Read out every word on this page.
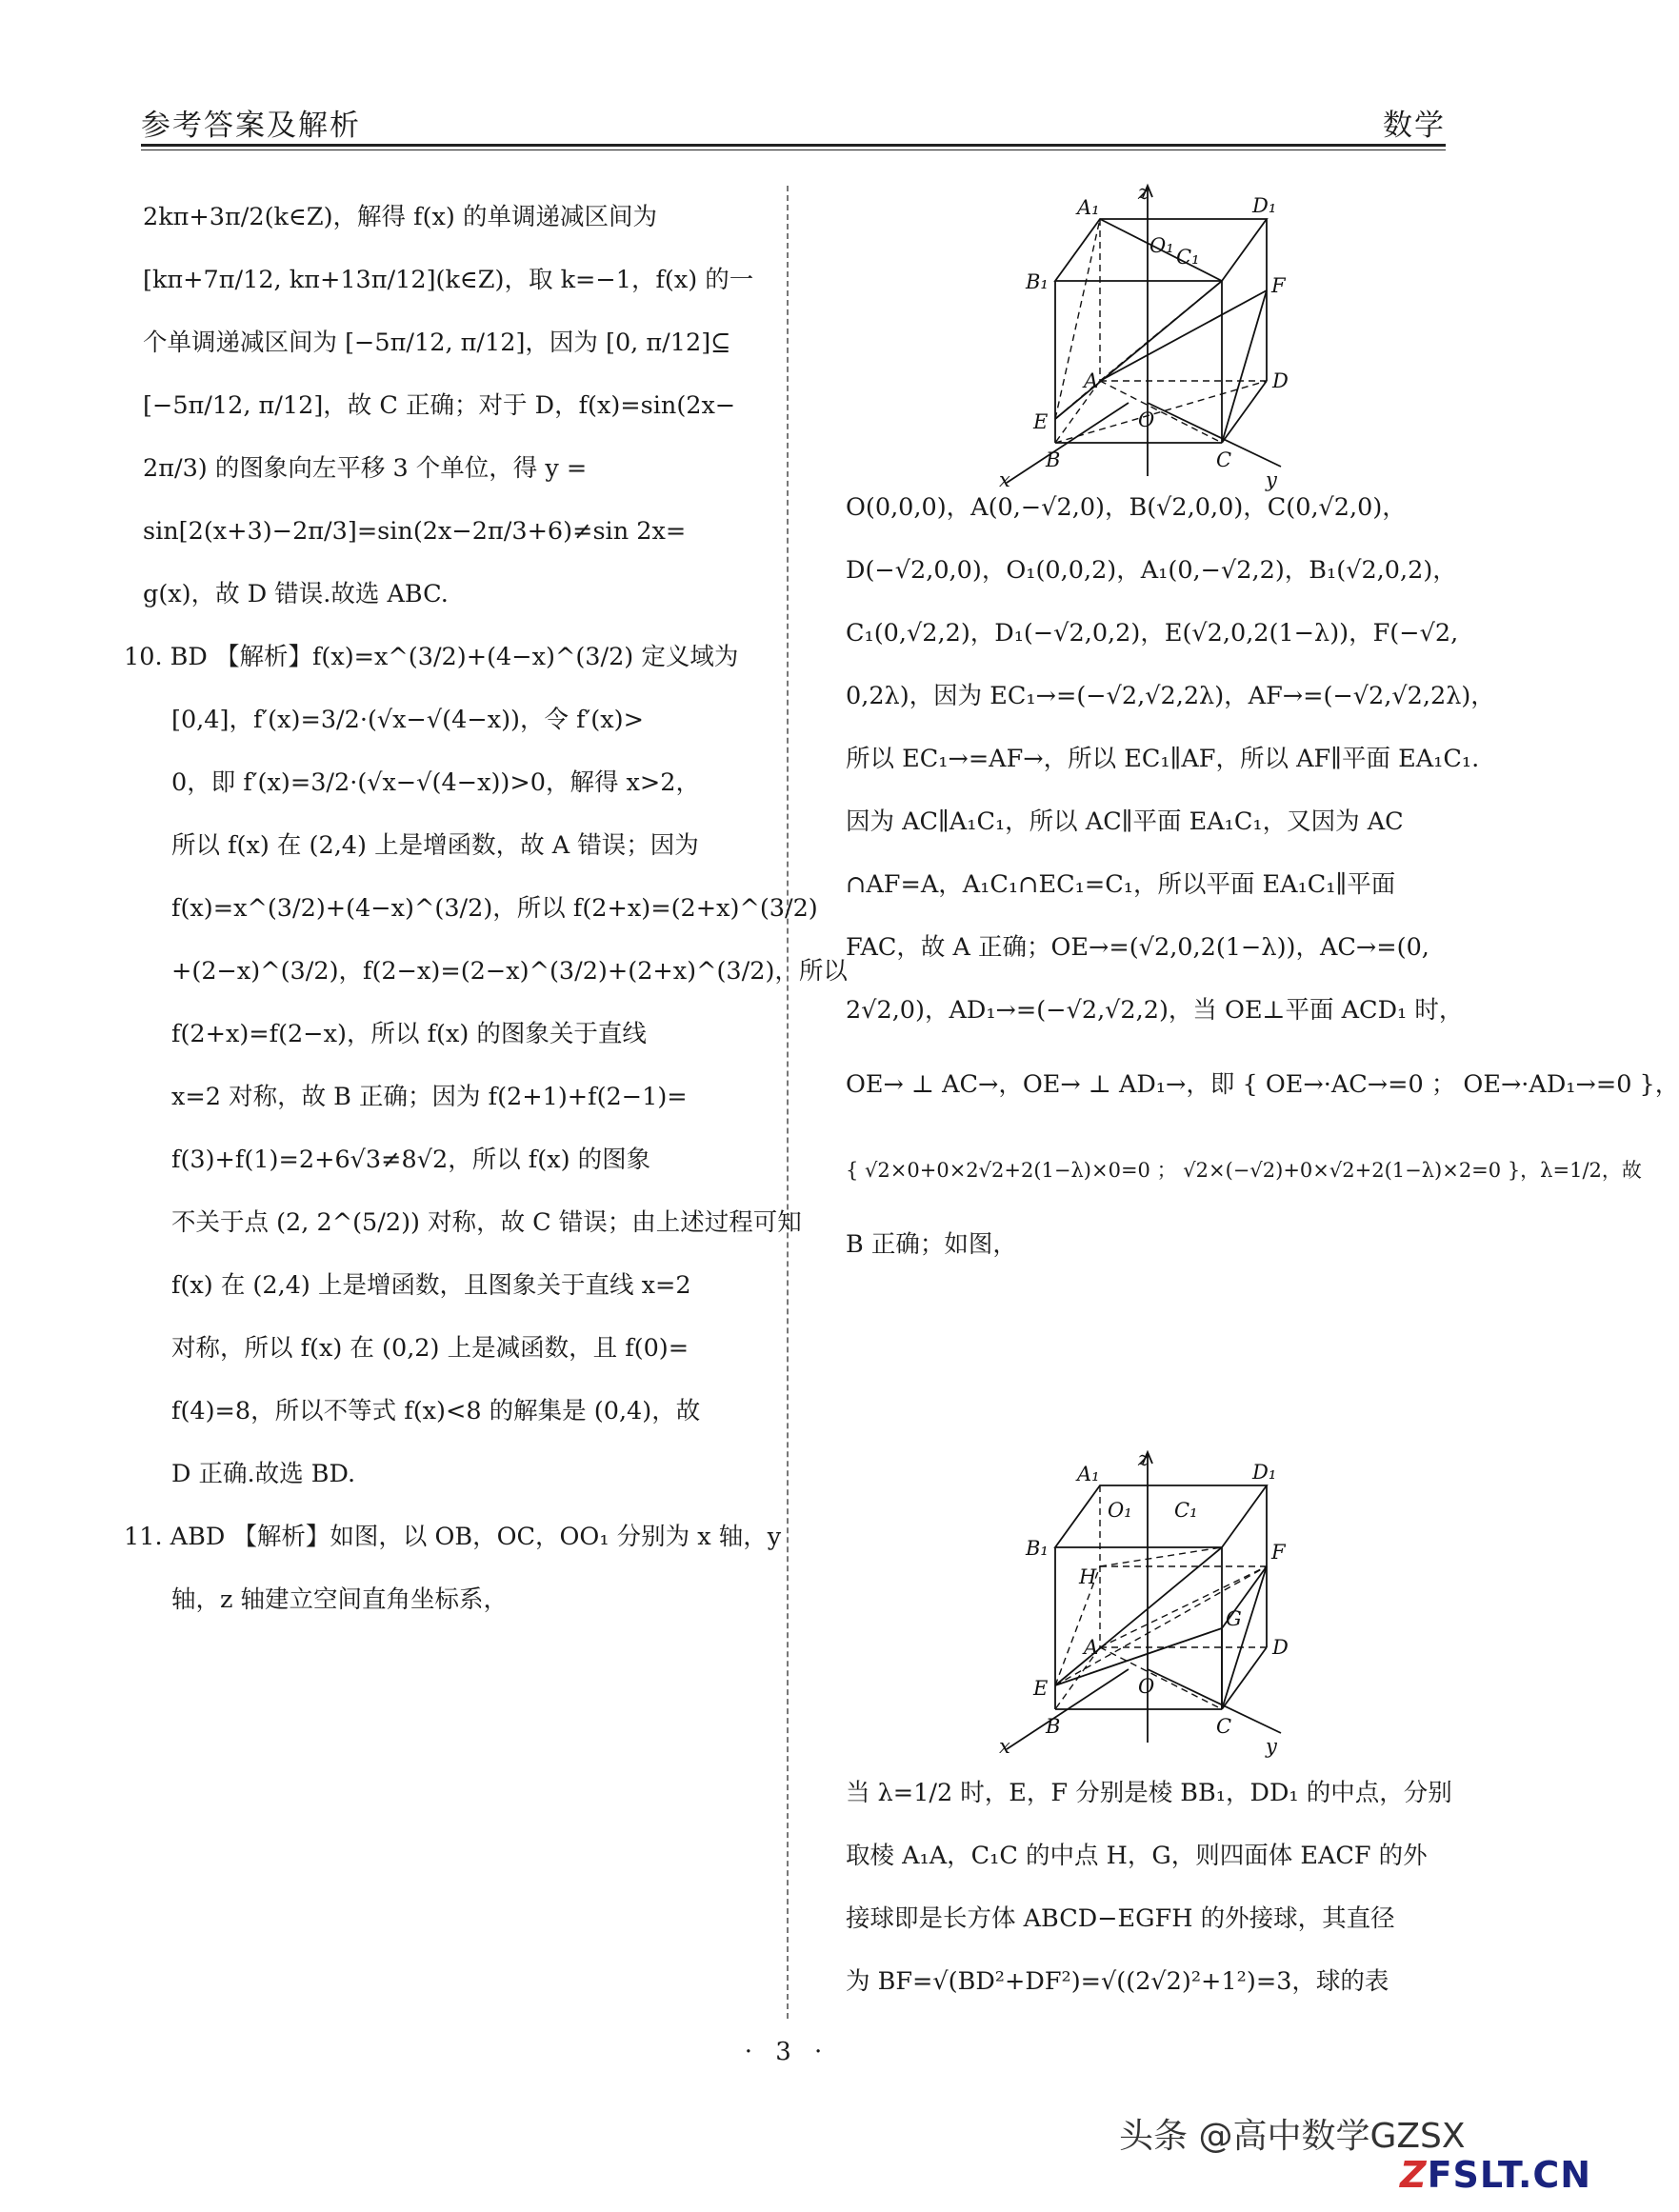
参考答案及解析	数学
2kπ+3π/2(k∈Z)，解得 f(x) 的单调递减区间为
[kπ+7π/12, kπ+13π/12](k∈Z)，取 k=−1，f(x) 的一
个单调递减区间为 [−5π/12, π/12]，因为 [0, π/12]⊆
[−5π/12, π/12]，故 C 正确；对于 D，f(x)=sin(2x−
2π/3) 的图象向左平移 3 个单位，得 y =
sin[2(x+3)−2π/3]=sin(2x−2π/3+6)≠sin 2x=
g(x)，故 D 错误.故选 ABC.
10. BD 【解析】f(x)=x^(3/2)+(4−x)^(3/2) 定义域为
[0,4]，f′(x)=3/2·(√x−√(4−x))，令 f′(x)>
0，即 f′(x)=3/2·(√x−√(4−x))>0，解得 x>2，
所以 f(x) 在 (2,4) 上是增函数，故 A 错误；因为
f(x)=x^(3/2)+(4−x)^(3/2)，所以 f(2+x)=(2+x)^(3/2)
+(2−x)^(3/2)，f(2−x)=(2−x)^(3/2)+(2+x)^(3/2)，所以
f(2+x)=f(2−x)，所以 f(x) 的图象关于直线
x=2 对称，故 B 正确；因为 f(2+1)+f(2−1)=
f(3)+f(1)=2+6√3≠8√2，所以 f(x) 的图象
不关于点 (2, 2^(5/2)) 对称，故 C 错误；由上述过程可知
f(x) 在 (2,4) 上是增函数，且图象关于直线 x=2
对称，所以 f(x) 在 (0,2) 上是减函数，且 f(0)=
f(4)=8，所以不等式 f(x)<8 的解集是 (0,4)，故
D 正确.故选 BD.
11. ABD 【解析】如图，以 OB，OC，OO₁ 分别为 x 轴，y
轴，z 轴建立空间直角坐标系，
z
A₁	D₁
O₁ C₁
B₁	F
A	D
E	O
B	C
x	y
O(0,0,0)，A(0,−√2,0)，B(√2,0,0)，C(0,√2,0)，
D(−√2,0,0)，O₁(0,0,2)，A₁(0,−√2,2)，B₁(√2,0,2)，
C₁(0,√2,2)，D₁(−√2,0,2)，E(√2,0,2(1−λ))，F(−√2,
0,2λ)，因为 EC₁→=(−√2,√2,2λ)，AF→=(−√2,√2,2λ)，
所以 EC₁→=AF→，所以 EC₁∥AF，所以 AF∥平面 EA₁C₁.
因为 AC∥A₁C₁，所以 AC∥平面 EA₁C₁，又因为 AC
∩AF=A，A₁C₁∩EC₁=C₁，所以平面 EA₁C₁∥平面
FAC，故 A 正确；OE→=(√2,0,2(1−λ))，AC→=(0,
2√2,0)，AD₁→=(−√2,√2,2)，当 OE⊥平面 ACD₁ 时，
OE→ ⊥ AC→，OE→ ⊥ AD₁→，即 { OE→·AC→=0 ； OE→·AD₁→=0 }，
{ √2×0+0×2√2+2(1−λ)×0=0 ； √2×(−√2)+0×√2+2(1−λ)×2=0 }，λ=1/2，故
B 正确；如图，
z
A₁	D₁
O₁ C₁
B₁	F
H
G
A	D
E	O
B	C
x	y
当 λ=1/2 时，E，F 分别是棱 BB₁，DD₁ 的中点，分别
取棱 A₁A，C₁C 的中点 H，G，则四面体 EACF 的外
接球即是长方体 ABCD−EGFH 的外接球，其直径
为 BF=√(BD²+DF²)=√((2√2)²+1²)=3，球的表
· 3 ·
头条 @高中数学GZSX
ZFSLT.CN
